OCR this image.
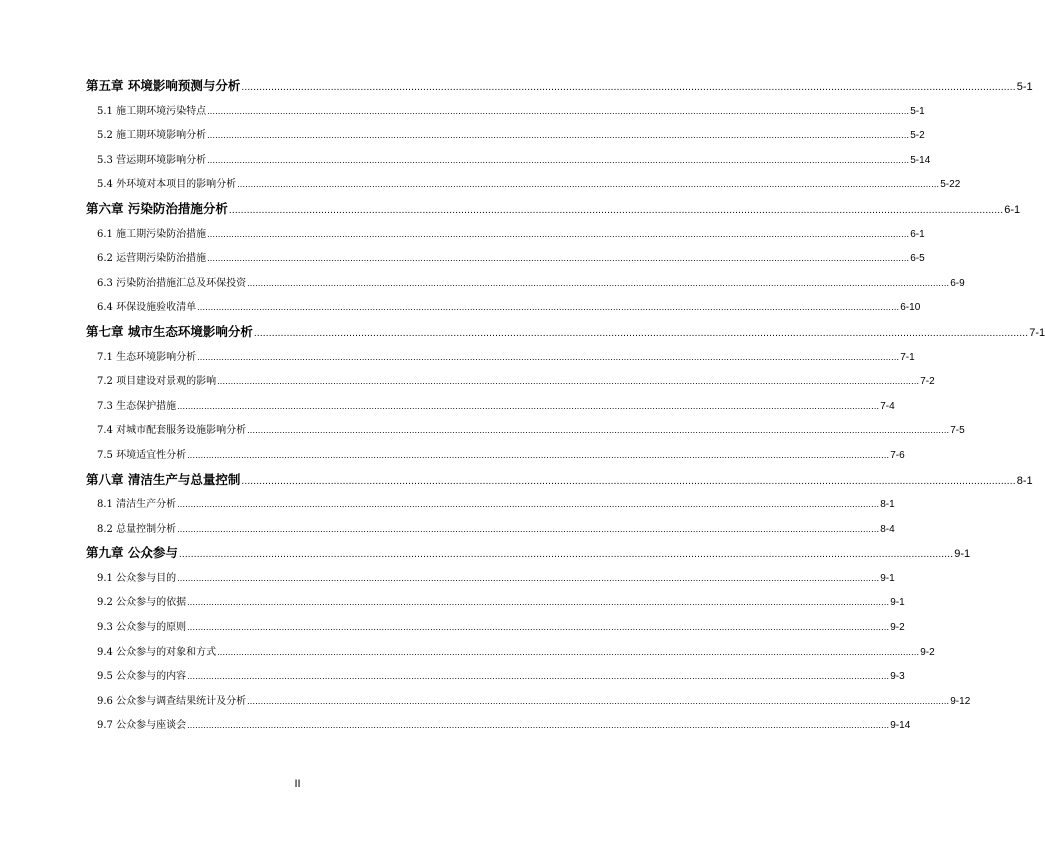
第五章 环境影响预测与分析 .................................................................................................................................................................................................................................................................... 5-1
5.1 施工期环境污染特点 .................................................................................................................................................................................................................................................................... 5-1
5.2 施工期环境影响分析 .................................................................................................................................................................................................................................................................... 5-2
5.3 营运期环境影响分析 .................................................................................................................................................................................................................................................................... 5-14
5.4 外环境对本项目的影响分析 .................................................................................................................................................................................................................................................................... 5-22
第六章 污染防治措施分析 .................................................................................................................................................................................................................................................................... 6-1
6.1 施工期污染防治措施 .................................................................................................................................................................................................................................................................... 6-1
6.2 运营期污染防治措施 .................................................................................................................................................................................................................................................................... 6-5
6.3 污染防治措施汇总及环保投资 .................................................................................................................................................................................................................................................................... 6-9
6.4 环保设施验收清单 .................................................................................................................................................................................................................................................................... 6-10
第七章 城市生态环境影响分析 .................................................................................................................................................................................................................................................................... 7-1
7.1 生态环境影响分析 .................................................................................................................................................................................................................................................................... 7-1
7.2 项目建设对景观的影响 .................................................................................................................................................................................................................................................................... 7-2
7.3 生态保护措施 .................................................................................................................................................................................................................................................................... 7-4
7.4 对城市配套服务设施影响分析 .................................................................................................................................................................................................................................................................... 7-5
7.5 环境适宜性分析 .................................................................................................................................................................................................................................................................... 7-6
第八章 清洁生产与总量控制 .................................................................................................................................................................................................................................................................... 8-1
8.1 清洁生产分析 .................................................................................................................................................................................................................................................................... 8-1
8.2 总量控制分析 .................................................................................................................................................................................................................................................................... 8-4
第九章 公众参与 .................................................................................................................................................................................................................................................................... 9-1
9.1 公众参与目的 .................................................................................................................................................................................................................................................................... 9-1
9.2 公众参与的依据 .................................................................................................................................................................................................................................................................... 9-1
9.3 公众参与的原则 .................................................................................................................................................................................................................................................................... 9-2
9.4 公众参与的对象和方式 .................................................................................................................................................................................................................................................................... 9-2
9.5 公众参与的内容 .................................................................................................................................................................................................................................................................... 9-3
9.6 公众参与调查结果统计及分析 .................................................................................................................................................................................................................................................................... 9-12
9.7 公众参与座谈会 .................................................................................................................................................................................................................................................................... 9-14
II
